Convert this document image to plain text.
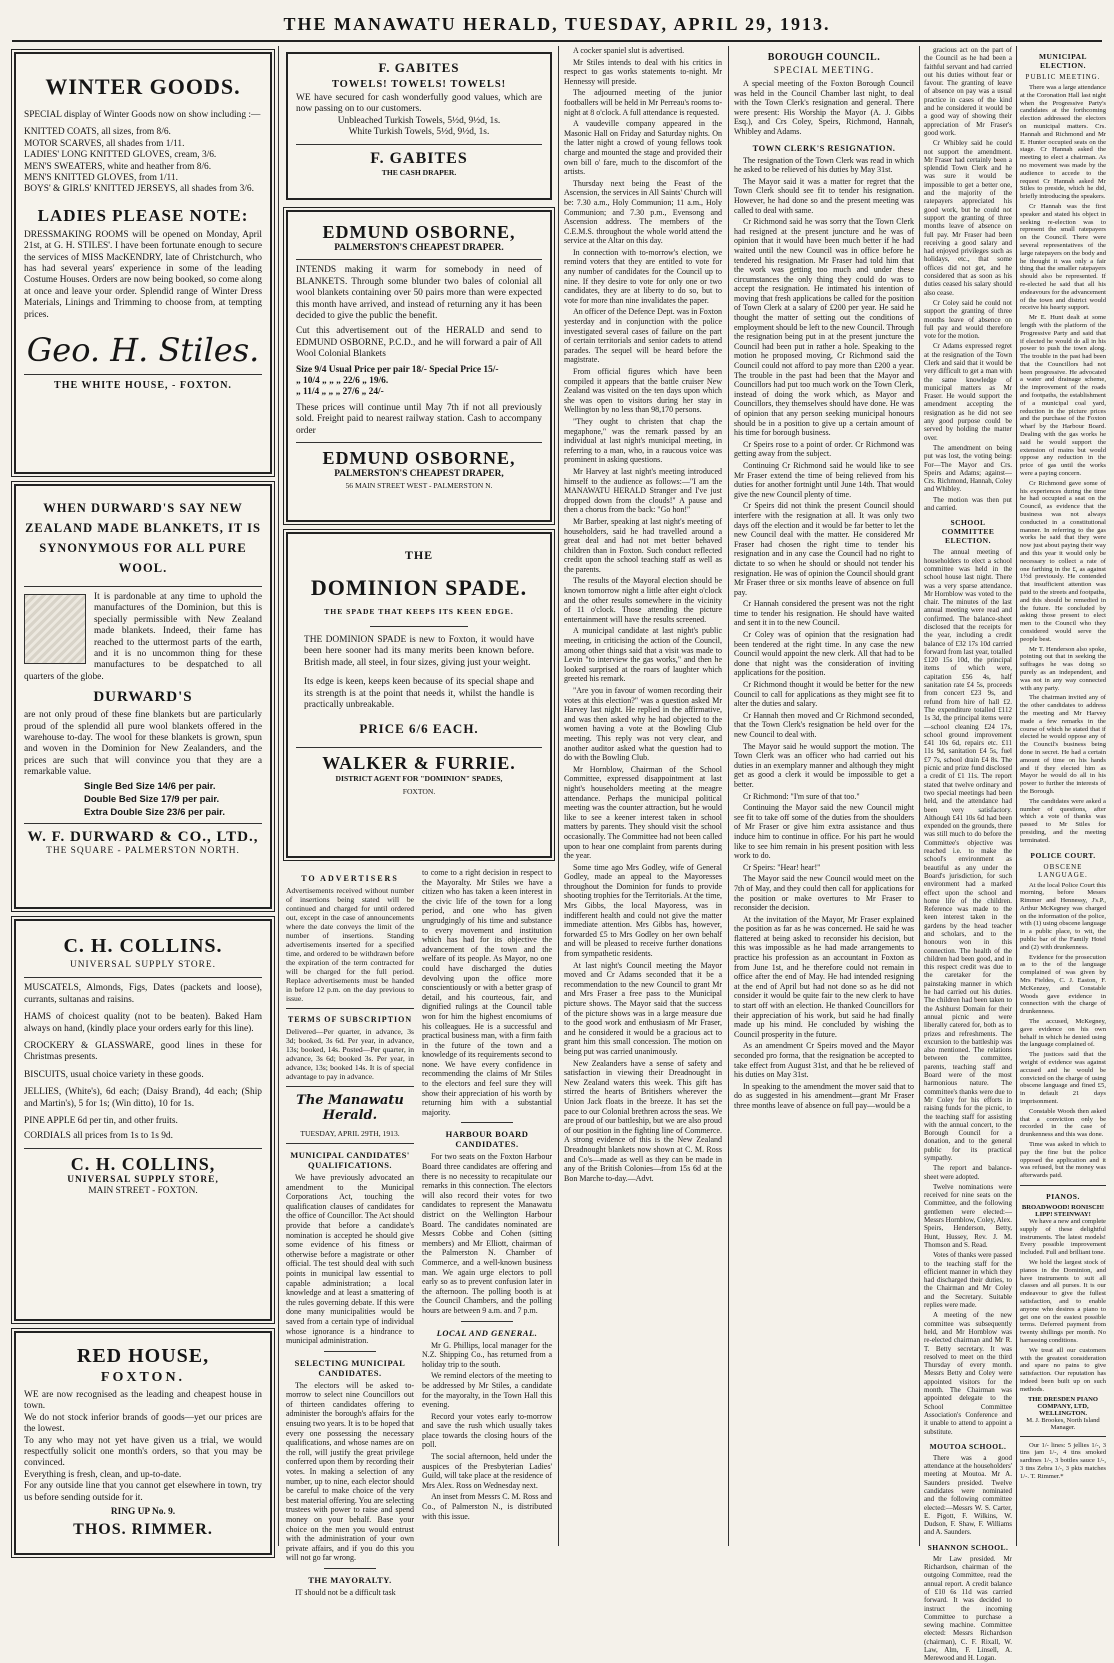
THE MANAWATU HERALD, TUESDAY, APRIL 29, 1913.
WINTER GOODS.
SPECIAL display of Winter Goods now on show including :—
KNITTED COATS, all sizes, from 8/6.
MOTOR SCARVES, all shades from 1/11.
LADIES' LONG KNITTED GLOVES, cream, 3/6.
MEN'S SWEATERS, white and heather from 8/6.
MEN'S KNITTED GLOVES, from 1/11.
BOYS' & GIRLS' KNITTED JERSEYS, all shades from 3/6.
LADIES PLEASE NOTE:
DRESSMAKING ROOMS will be opened on Monday, April 21st, at G. H. STILES'. I have been fortunate enough to secure the services of MISS MacKENDRY, late of Christchurch, who has had several years' experience in some of the leading Costume Houses. Orders are now being booked, so come along at once and leave your order. Splendid range of Winter Dress Materials, Linings and Trimming to choose from, at tempting prices.
Geo. H. Stiles.
THE WHITE HOUSE, - FOXTON.
WHEN DURWARD'S SAY NEW ZEALAND MADE BLANKETS, IT IS SYNONYMOUS FOR ALL PURE WOOL.
It is pardonable at any time to uphold the manufactures of the Dominion, but this is specially permissible with New Zealand made blankets. Indeed, their fame has reached to the uttermost parts of the earth, and it is no uncommon thing for these manufactures to be despatched to all quarters of the globe.
DURWARD'S
are not only proud of these fine blankets but are particularly proud of the splendid all pure wool blankets offered in the warehouse to-day. The wool for these blankets is grown, spun and woven in the Dominion for New Zealanders, and the prices are such that will convince you that they are a remarkable value.
Single Bed Size 14/6 per pair.
Double Bed Size 17/9 per pair.
Extra Double Size 23/6 per pair.
W. F. DURWARD & CO., LTD.,
THE SQUARE - PALMERSTON NORTH.
C. H. COLLINS.
UNIVERSAL SUPPLY STORE.
MUSCATELS, Almonds, Figs, Dates (packets and loose), currants, sultanas and raisins.
HAMS of choicest quality (not to be beaten). Baked Ham always on hand, (kindly place your orders early for this line).
CROCKERY & GLASSWARE, good lines in these for Christmas presents.
BISCUITS, usual choice variety in these goods.
JELLIES, (White's), 6d each; (Daisy Brand), 4d each; (Ship and Martin's), 5 for 1s; (Win ditto), 10 for 1s.
PINE APPLE 6d per tin, and other fruits.
CORDIALS all prices from 1s to 1s 9d.
C. H. COLLINS,
UNIVERSAL SUPPLY STORE,
MAIN STREET - FOXTON.
RED HOUSE,
FOXTON.
WE are now recognised as the leading and cheapest house in town.
We do not stock inferior brands of goods—yet our prices are the lowest.
To any who may not yet have given us a trial, we would respectfully solicit one month's orders, so that you may be convinced.
Everything is fresh, clean, and up-to-date.
For any outside line that you cannot get elsewhere in town, try us before sending outside for it.
RING UP No. 9.
THOS. RIMMER.
F. GABITES
TOWELS! TOWELS! TOWELS!
WE have secured for cash wonderfully good values, which are now passing on to our customers.
Unbleached Turkish Towels, 5½d, 9½d, 1s.
White Turkish Towels, 5½d, 9½d, 1s.
F. GABITES
THE CASH DRAPER.
EDMUND OSBORNE,
PALMERSTON'S CHEAPEST DRAPER.
INTENDS making it warm for somebody in need of BLANKETS. Through some blunder two bales of colonial all wool blankets containing over 50 pairs more than were expected this month have arrived, and instead of returning any it has been decided to give the public the benefit.
Cut this advertisement out of the HERALD and send to EDMUND OSBORNE, P.C.D., and he will forward a pair of All Wool Colonial Blankets
Size 9/4 Usual Price per pair 18/- Special Price 15/-
„ 10/4 „ „ „ 22/6 „ 19/6.
„ 11/4 „ „ „ 27/6 „ 24/-
These prices will continue until May 7th if not all previously sold. Freight paid to nearest railway station. Cash to accompany order
EDMUND OSBORNE,
PALMERSTON'S CHEAPEST DRAPER,
56 MAIN STREET WEST - PALMERSTON N.
THE
DOMINION SPADE.
THE SPADE THAT KEEPS ITS KEEN EDGE.
THE DOMINION SPADE is new to Foxton, it would have been here sooner had its many merits been known before. British made, all steel, in four sizes, giving just your weight.
Its edge is keen, keeps keen because of its special shape and its strength is at the point that needs it, whilst the handle is practically unbreakable.
PRICE 6/6 EACH.
WALKER & FURRIE.
DISTRICT AGENT FOR "DOMINION" SPADES,
FOXTON.
TO ADVERTISERS
Advertisements received without number of insertions being stated will be continued and charged for until ordered out, except in the case of announcements where the date conveys the limit of the number of insertions. Standing advertisements inserted for a specified time, and ordered to be withdrawn before the expiration of the term contracted for will be charged for the full period. Replace advertisements must be handed in before 12 p.m. on the day previous to issue.
TERMS OF SUBSCRIPTION
Delivered—Per quarter, in advance, 3s 3d; booked, 3s 6d. Per year, in advance, 13s; booked, 14s. Posted—Per quarter, in advance, 3s 6d; booked 3s. Per year, in advance, 13s; booked 14s. It is of special advantage to pay in advance.
The Manawatu Herald.
TUESDAY, APRIL 29TH, 1913.
MUNICIPAL CANDIDATES' QUALIFICATIONS.

We have previously advocated an amendment to the Municipal Corporations Act, touching the qualification clauses of candidates for the office of Councillor. The Act should provide that before a candidate's nomination is accepted he should give some evidence of his fitness or otherwise before a magistrate or other official. The test should deal with such points in municipal law essential to capable administration; a local knowledge and at least a smattering of the rules governing debate. If this were done many municipalities would be saved from a certain type of individual whose ignorance is a hindrance to municipal administration.

SELECTING MUNICIPAL CANDIDATES.

The electors will be asked to-morrow to select nine Councillors out of thirteen candidates offering to administer the borough's affairs for the ensuing two years. It is to be hoped that every one possessing the necessary qualifications, and whose names are on the roll, will justify the great privilege conferred upon them by recording their votes. In making a selection of any number, up to nine, each elector should be careful to make choice of the very best material offering. You are selecting trustees with power to raise and spend money on your behalf. Base your choice on the men you would entrust with the administration of your own private affairs, and if you do this you will not go far wrong.

THE MAYORALTY.

IT should not be a difficult task

to come to a right decision in respect to the Mayoralty. Mr Stiles we have a citizen who has taken a keen interest in the civic life of the town for a long period, and one who has given ungrudgingly of his time and substance to every movement and institution which has had for its objective the advancement of the town and the welfare of its people. As Mayor, no one could have discharged the duties devolving upon the office more conscientiously or with a better grasp of detail, and his courteous, fair, and dignified rulings at the Council table won for him the highest encomiums of his colleagues. He is a successful and practical business man, with a firm faith in the future of the town and a knowledge of its requirements second to none. We have every confidence in recommending the claims of Mr Stiles to the electors and feel sure they will show their appreciation of his worth by returning him with a substantial majority.

HARBOUR BOARD CANDIDATES.

For two seats on the Foxton Harbour Board three candidates are offering and there is no necessity to recapitulate our remarks in this connection. The electors will also record their votes for two candidates to represent the Manawatu district on the Wellington Harbour Board. The candidates nominated are Messrs Cobbe and Cohen (sitting members) and Mr Elliott, chairman of the Palmerston N. Chamber of Commerce, and a well-known business man. We again urge electors to poll early so as to prevent confusion later in the afternoon. The polling booth is at the Council Chambers, and the polling hours are between 9 a.m. and 7 p.m.

LOCAL AND GENERAL.

Mr G. Phillips, local manager for the N.Z. Shipping Co., has returned from a holiday trip to the south.

We remind electors of the meeting to be addressed by Mr Stiles, a candidate for the mayoralty, in the Town Hall this evening.

Record your votes early to-morrow and save the rush which usually takes place towards the closing hours of the poll.

The social afternoon, held under the auspices of the Presbyterian Ladies' Guild, will take place at the residence of Mrs Alex. Ross on Wednesday next.

An inset from Messrs C. M. Ross and Co., of Palmerston N., is distributed with this issue.

A cocker spaniel slut is advertised.

Mr Stiles intends to deal with his critics in respect to gas works statements to-night. Mr Hennessy will preside.

The adjourned meeting of the junior footballers will be held in Mr Perreau's rooms to-night at 8 o'clock. A full attendance is requested.

A vaudeville company appeared in the Masonic Hall on Friday and Saturday nights. On the latter night a crowd of young fellows took charge and mounted the stage and provided their own bill o' fare, much to the discomfort of the artists.

Thursday next being the Feast of the Ascension, the services in All Saints' Church will be: 7.30 a.m., Holy Communion; 11 a.m., Holy Communion; and 7.30 p.m., Evensong and Ascension address. The members of the C.E.M.S. throughout the whole world attend the service at the Altar on this day.

In connection with to-morrow's election, we remind voters that they are entitled to vote for any number of candidates for the Council up to nine. If they desire to vote for only one or two candidates, they are at liberty to do so, but to vote for more than nine invalidates the paper.

An officer of the Defence Dept. was in Foxton yesterday and in conjunction with the police investigated several cases of failure on the part of certain territorials and senior cadets to attend parades. The sequel will be heard before the magistrate.

From official figures which have been compiled it appears that the battle cruiser New Zealand was visited on the ten days upon which she was open to visitors during her stay in Wellington by no less than 98,170 persons.

"They ought to christen that chap the megaphone," was the remark passed by an individual at last night's municipal meeting, in referring to a man, who, in a raucous voice was prominent in asking questions.

Mr Harvey at last night's meeting introduced himself to the audience as follows:—"I am the MANAWATU HERALD Stranger and I've just dropped down from the clouds!" A pause and then a chorus from the back: "Go hon!"

Mr Barber, speaking at last night's meeting of householders, said he had travelled around a great deal and had not met better behaved children than in Foxton. Such conduct reflected credit upon the school teaching staff as well as the parents.

The results of the Mayoral election should be known tomorrow night a little after eight o'clock and the other results somewhere in the vicinity of 11 o'clock. Those attending the picture entertainment will have the results screened.

A municipal candidate at last night's public meeting, in criticising the action of the Council, among other things said that a visit was made to Levin "to interview the gas works," and then he looked surprised at the roars of laughter which greeted his remark.

"Are you in favour of women recording their votes at this election?" was a question asked Mr Harvey last night. He replied in the affirmative, and was then asked why he had objected to the women having a vote at the Bowling Club meeting. This reply was not very clear, and another auditor asked what the question had to do with the Bowling Club.

Mr Hornblow, Chairman of the School Committee, expressed disappointment at last night's householders meeting at the meagre attendance. Perhaps the municipal political meeting was the counter attraction, but he would like to see a keener interest taken in school matters by parents. They should visit the school occasionally. The Committee had not been called upon to hear one complaint from parents during the year.

Some time ago Mrs Godley, wife of General Godley, made an appeal to the Mayoresses throughout the Dominion for funds to provide shooting trophies for the Territorials. At the time, Mrs Gibbs, the local Mayoress, was in indifferent health and could not give the matter immediate attention. Mrs Gibbs has, however, forwarded £5 to Mrs Godley on her own behalf and will be pleased to receive further donations from sympathetic residents.

At last night's Council meeting the Mayor moved and Cr Adams seconded that it be a recommendation to the new Council to grant Mr and Mrs Fraser a free pass to the Municipal picture shows. The Mayor said that the success of the picture shows was in a large measure due to the good work and enthusiasm of Mr Fraser, and he considered it would be a gracious act to grant him this small concession. The motion on being put was carried unanimously.

New Zealanders have a sense of safety and satisfaction in viewing their Dreadnought in New Zealand waters this week. This gift has stirred the hearts of Britishers wherever the Union Jack floats in the breeze. It has set the pace to our Colonial brethren across the seas. We are proud of our battleship, but we are also proud of our position in the fighting line of Commerce. A strong evidence of this is the New Zealand Dreadnought blankets now shown at C. M. Ross and Co's—made as well as they can be made in any of the British Colonies—from 15s 6d at the Bon Marche to-day.—Advt.

BOROUGH COUNCIL.
SPECIAL MEETING.

A special meeting of the Foxton Borough Council was held in the Council Chamber last night, to deal with the Town Clerk's resignation and general. There were present: His Worship the Mayor (A. J. Gibbs Esq.), and Crs Coley, Speirs, Richmond, Hannah, Whibley and Adams.

TOWN CLERK'S RESIGNATION.

The resignation of the Town Clerk was read in which he asked to be relieved of his duties by May 31st.

The Mayor said it was a matter for regret that the Town Clerk should see fit to tender his resignation. However, he had done so and the present meeting was called to deal with same.

Cr Richmond said he was sorry that the Town Clerk had resigned at the present juncture and he was of opinion that it would have been much better if he had waited until the new Council was in office before he tendered his resignation. Mr Fraser had told him that the work was getting too much and under these circumstances the only thing they could do was to accept the resignation. He intimated his intention of moving that fresh applications be called for the position of Town Clerk at a salary of £200 per year. He said he thought the matter of setting out the conditions of employment should be left to the new Council. Through the resignation being put in at the present juncture the Council had been put in rather a hole. Speaking to the motion he proposed moving, Cr Richmond said the Council could not afford to pay more than £200 a year. The trouble in the past had been that the Mayor and Councillors had put too much work on the Town Clerk, instead of doing the work which, as Mayor and Councillors, they themselves should have done. He was of opinion that any person seeking municipal honours should be in a position to give up a certain amount of his time for borough business.

Cr Speirs rose to a point of order. Cr Richmond was getting away from the subject.

Continuing Cr Richmond said he would like to see Mr Fraser extend the time of being relieved from his duties for another fortnight until June 14th. That would give the new Council plenty of time.

Cr Speirs did not think the present Council should interfere with the resignation at all. It was only two days off the election and it would be far better to let the new Council deal with the matter. He considered Mr Fraser had chosen the right time to tender his resignation and in any case the Council had no right to dictate to so when he should or should not tender his resignation. He was of opinion the Council should grant Mr Fraser three or six months leave of absence on full pay.

Cr Hannah considered the present was not the right time to tender his resignation. He should have waited and sent it in to the new Council.

Cr Coley was of opinion that the resignation had been tendered at the right time. In any case the new Council would appoint the new clerk. All that had to be done that night was the consideration of inviting applications for the position.

Cr Richmond thought it would be better for the new Council to call for applications as they might see fit to alter the duties and salary.

Cr Hannah then moved and Cr Richmond seconded, that the Town Clerk's resignation be held over for the new Council to deal with.

The Mayor said he would support the motion. The Town Clerk was an officer who had carried out his duties in an exemplary manner and although they might get as good a clerk it would be impossible to get a better.

Cr Richmond: "I'm sure of that too."

Continuing the Mayor said the new Council might see fit to take off some of the duties from the shoulders of Mr Fraser or give him extra assistance and thus induce him to continue in office. For his part he would like to see him remain in his present position with less work to do.

Cr Speirs: "Hear! hear!"

The Mayor said the new Council would meet on the 7th of May, and they could then call for applications for the position or make overtures to Mr Fraser to reconsider the decision.

At the invitation of the Mayor, Mr Fraser explained the position as far as he was concerned. He said he was flattered at being asked to reconsider his decision, but this was impossible as he had made arrangements to practice his profession as an accountant in Foxton as from June 1st, and he therefore could not remain in office after the end of May. He had intended resigning at the end of April but had not done so as he did not consider it would be quite fair to the new clerk to have to start off with an election. He thanked Councillors for their appreciation of his work, but said he had finally made up his mind. He concluded by wishing the Council prosperity in the future.

As an amendment Cr Speirs moved and the Mayor seconded pro forma, that the resignation be accepted to take effect from August 31st, and that he be relieved of his duties on May 31st.

In speaking to the amendment the mover said that to do as suggested in his amendment—grant Mr Fraser three months leave of absence on full pay—would be a

gracious act on the part of the Council as he had been a faithful servant and had carried out his duties without fear or favour. The granting of leave of absence on pay was a usual practice in cases of the kind and he considered it would be a good way of showing their appreciation of Mr Fraser's good work.

Cr Whibley said he could not support the amendment. Mr Fraser had certainly been a splendid Town Clerk and he was sure it would be impossible to get a better one, and the majority of the ratepayers appreciated his good work, but he could not support the granting of three months leave of absence on full pay. Mr Fraser had been receiving a good salary and had enjoyed privileges such as holidays, etc., that some offices did not get, and he considered that as soon as his duties ceased his salary should also cease.

Cr Coley said he could not support the granting of three months leave of absence on full pay and would therefore vote for the motion.

Cr Adams expressed regret at the resignation of the Town Clerk and said that it would be very difficult to get a man with the same knowledge of municipal matters as Mr Fraser. He would support the amendment accepting the resignation as he did not see any good purpose could be served by holding the matter over.

The amendment on being put was lost, the voting being: For—The Mayor and Crs. Speirs and Adams; against—Crs. Richmond, Hannah, Coley and Whibley.

The motion was then put and carried.

SCHOOL COMMITTEE ELECTION.

The annual meeting of householders to elect a school committee was held in the school house last night. There was a very sparse attendance. Mr Hornblow was voted to the chair. The minutes of the last annual meeting were read and confirmed. The balance-sheet disclosed that the receipts for the year, including a credit balance of £32 17s 10d carried forward from last year, totalled £120 15s 10d, the principal items of which were, capitation £56 4s, half sanitation rate £4 5s, proceeds from concert £23 9s, and refund from hire of hall £2. The expenditure totalled £112 1s 3d, the principal items were—school cleaning £24 17s, school ground improvement £41 10s 6d, repairs etc. £11 11s 9d, sanitation £4 5s, fuel £7 7s, school drain £4 8s. The picnic and prize fund disclosed a credit of £1 11s. The report stated that twelve ordinary and two special meetings had been held, and the attendance had been very satisfactory. Although £41 10s 6d had been expended on the grounds, there was still much to do before the Committee's objective was reached i.e. to make the school's environment as beautiful as any under the Board's jurisdiction, for such environment had a marked effect upon the school and home life of the children. Reference was made to the keen interest taken in the gardens by the head teacher and scholars, and to the honours won in this connection. The health of the children had been good, and in this respect credit was due to the caretaker for the painstaking manner in which he had carried out his duties. The children had been taken to the Ashhurst Domain for their annual picnic and were liberally catered for, both as to prizes and refreshments. The excursion to the battleship was also mentioned. The relations between the committee, parents, teaching staff and Board were of the most harmonious nature. The committee's thanks were due to Mr Coley for his efforts in raising funds for the picnic, to the teaching staff for assisting with the annual concert, to the Borough Council for a donation, and to the general public for its practical sympathy.

The report and balance-sheet were adopted.

Twelve nominations were received for nine seats on the Committee, and the following gentlemen were elected:—Messrs Hornblow, Coley, Alex. Speirs, Henderson, Betty, Hunt, Hussey, Rev. J. M. Thomson and S. Read.

Votes of thanks were passed to the teaching staff for the efficient manner in which they had discharged their duties, to the Chairman and Mr Coley and the Secretary. Suitable replies were made.

A meeting of the new committee was subsequently held, and Mr Hornblow was re-elected chairman and Mr R. T. Betty secretary. It was resolved to meet on the third Thursday of every month. Messrs Betty and Coley were appointed visitors for the month. The Chairman was appointed delegate to the School Committee Association's Conference and it unable to attend to appoint a substitute.

MOUTOA SCHOOL.

There was a good attendance at the householders' meeting at Moutoa. Mr A. Saunders presided. Twelve candidates were nominated and the following committee elected:—Messrs W. S. Carter, E. Pigott, F. Wilkins, W. Dudson, F. Shaw, F. Williams and A. Saunders.

SHANNON SCHOOL.

Mr Law presided. Mr Richardson, chairman of the outgoing Committee, read the annual report. A credit balance of £10 6s 11d was carried forward. It was decided to instruct the incoming Committee to purchase a sewing machine. Committee elected: Messrs Richardson (chairman), C. F. Rixall, W. Law, Alm, F. Linsell, A. Merewood and H. Logan.

MUNICIPAL ELECTION.
PUBLIC MEETING.

There was a large attendance at the Coronation Hall last night when the Progressive Party's candidates at the forthcoming election addressed the electors on municipal matters. Crs. Hannah and Richmond and Mr E. Hunter occupied seats on the stage. Cr Hannah asked the meeting to elect a chairman. As no movement was made by the audience to accede to the request Cr Hannah asked Mr Stiles to preside, which he did, briefly introducing the speakers.

Cr Hannah was the first speaker and stated his object in seeking re-election was to represent the small ratepayers on the Council. There were several representatives of the large ratepayers on the body and he thought it was only a fair thing that the smaller ratepayers should also be represented. If re-elected he said that all his endeavours for the advancement of the town and district would receive his hearty support.

Mr E. Hunt dealt at some length with the platform of the Progressive Party and said that if elected he would do all in his power to push the town along. The trouble in the past had been that the Councillors had not been progressive. He advocated a water and drainage scheme, the improvement of the roads and footpaths, the establishment of a municipal coal yard, reduction in the picture prices and the purchase of the Foxton wharf by the Harbour Board. Dealing with the gas works he said he would support the extension of mains but would oppose any reduction in the price of gas until the works were a paying concern.

Cr Richmond gave some of his experiences during the time he had occupied a seat on the Council, as evidence that the business was not always conducted in a constitutional manner. In referring to the gas works he said that they were now just about paying their way and this year it would only be necessary to collect a rate of one farthing in the £, as against 1½d previously. He contended that insufficient attention was paid to the streets and footpaths, and this should be remedied in the future. He concluded by asking those present to elect men to the Council who they considered would serve the people best.

Mr T. Henderson also spoke, pointing out that in seeking the suffrages he was doing so purely as an independent, and was not in any way connected with any party.

The chairman invited any of the other candidates to address the meeting and Mr Harvey made a few remarks in the course of which he stated that if elected he would oppose any of the Council's business being done in secret. He had a certain amount of time on his hands and if they elected him as Mayor he would do all in his power to further the interests of the Borough.

The candidates were asked a number of questions, after which a vote of thanks was passed to Mr Stiles for presiding, and the meeting terminated.

POLICE COURT.
OBSCENE LANGUAGE.

At the local Police Court this morning, before Messrs Rimmer and Hennessy, J's.P., Arthur McKegney was charged on the information of the police, with (1) using obscene language in a public place, to wit, the public bar of the Family Hotel and (2) with drunkenness.

Evidence for the prosecution as to the of the language complained of was given by Mrs Fieldes, C. J. Easton, F. McKenzey, and Constable Woods gave evidence in connection with the charge of drunkenness.

The accused, McKegney, gave evidence on his own behalf in which he denied using the language complained of.

The justices said that the weight of evidence was against accused and he would be convicted on the charge of using obscene language and fined £5, in default 21 days imprisonment.

Constable Woods then asked that a conviction only be recorded in the case of drunkenness and this was done.

Time was asked in which to pay the fine but the police opposed the application and it was refused, but the money was afterwards paid.

PIANOS.
BROADWOOD! RONISCH! LIPP! STEINWAY!

We have a new and complete supply of these delightful instruments. The latest models! Every possible improvement included. Full and brilliant tone.

We hold the largest stock of pianos in the Dominion, and have instruments to suit all classes and all purses. It is our endeavour to give the fullest satisfaction, and to enable anyone who desires a piano to get one on the easiest possible terms. Deferred payment from twenty shillings per month. No harrassing conditions.

We treat all our customers with the greatest consideration and spare no pains to give satisfaction. Our reputation has indeed been built up on such methods.

THE DRESDEN PIANO COMPANY, LTD, WELLINGTON.
M. J. Brookes, North Island Manager.

Our 1/- lines: 5 jellies 1/-, 3 tins jam 1/-, 4 tins smoked sardines 1/-, 3 bottles sauce 1/-, 3 tins Zebra 1/-, 3 pkts matches 1/-. T. Rimmer.*
